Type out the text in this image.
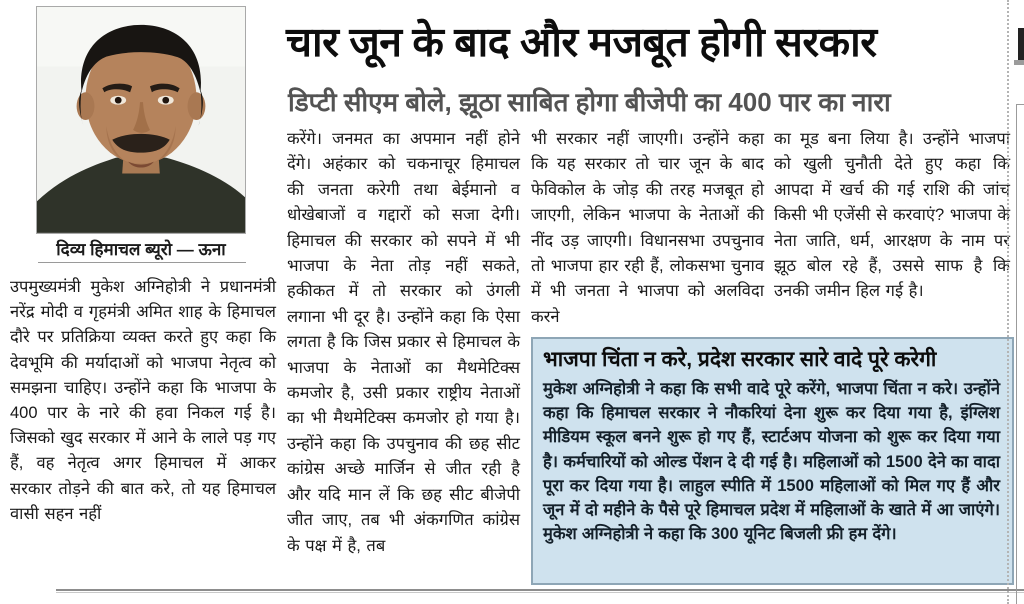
दिव्य हिमाचल ब्यूरो — ऊना
चार जून के बाद और मजबूत होगी सरकार
डिप्टी सीएम बोले, झूठा साबित होगा बीजेपी का 400 पार का नारा
उपमुख्यमंत्री मुकेश अग्निहोत्री ने प्रधानमंत्री नरेंद्र मोदी व गृहमंत्री अमित शाह के हिमाचल दौरे पर प्रतिक्रिया व्यक्त करते हुए कहा कि देवभूमि की मर्यादाओं को भाजपा नेतृत्व को समझना चाहिए। उन्होंने कहा कि भाजपा के 400 पार के नारे की हवा निकल गई है। जिसको खुद सरकार में आने के लाले पड़ गए हैं, वह नेतृत्व अगर हिमाचल में आकर सरकार तोड़ने की बात करे, तो यह हिमाचल वासी सहन नहीं
करेंगे। जनमत का अपमान नहीं होने देंगे। अहंकार को चकनाचूर हिमाचल की जनता करेगी तथा बेईमानो व धोखेबाजों व गद्दारों को सजा देगी। हिमाचल की सरकार को सपने में भी भाजपा के नेता तोड़ नहीं सकते, हकीकत में तो सरकार को उंगली लगाना भी दूर है। उन्होंने कहा कि ऐसा लगता है कि जिस प्रकार से हिमाचल के भाजपा के नेताओं का मैथमेटिक्स कमजोर है, उसी प्रकार राष्ट्रीय नेताओं का भी मैथमेटिक्स कमजोर हो गया है। उन्होंने कहा कि उपचुनाव की छह सीट कांग्रेस अच्छे मार्जिन से जीत रही है और यदि मान लें कि छह सीट बीजेपी जीत जाए, तब भी अंकगणित कांग्रेस के पक्ष में है, तब
भी सरकार नहीं जाएगी। उन्होंने कहा कि यह सरकार तो चार जून के बाद फेविकोल के जोड़ की तरह मजबूत हो जाएगी, लेकिन भाजपा के नेताओं की नींद उड़ जाएगी। विधानसभा उपचुनाव तो भाजपा हार रही हैं, लोकसभा चुनाव में भी जनता ने भाजपा को अलविदा करने
का मूड बना लिया है। उन्होंने भाजपा को खुली चुनौती देते हुए कहा कि आपदा में खर्च की गई राशि की जांच किसी भी एजेंसी से करवाएं? भाजपा के नेता जाति, धर्म, आरक्षण के नाम पर झूठ बोल रहे हैं, उससे साफ है कि उनकी जमीन हिल गई है।
भाजपा चिंता न करे, प्रदेश सरकार सारे वादे पूरे करेगी
मुकेश अग्निहोत्री ने कहा कि सभी वादे पूरे करेंगे, भाजपा चिंता न करे। उन्होंने कहा कि हिमाचल सरकार ने नौकरियां देना शुरू कर दिया गया है, इंग्लिश मीडियम स्कूल बनने शुरू हो गए हैं, स्टार्टअप योजना को शुरू कर दिया गया है। कर्मचारियों को ओल्ड पेंशन दे दी गई है। महिलाओं को 1500 देने का वादा पूरा कर दिया गया है। लाहुल स्पीति में 1500 महिलाओं को मिल गए हैं और जून में दो महीने के पैसे पूरे हिमाचल प्रदेश में महिलाओं के खाते में आ जाएंगे। मुकेश अग्निहोत्री ने कहा कि 300 यूनिट बिजली फ्री हम देंगे।
